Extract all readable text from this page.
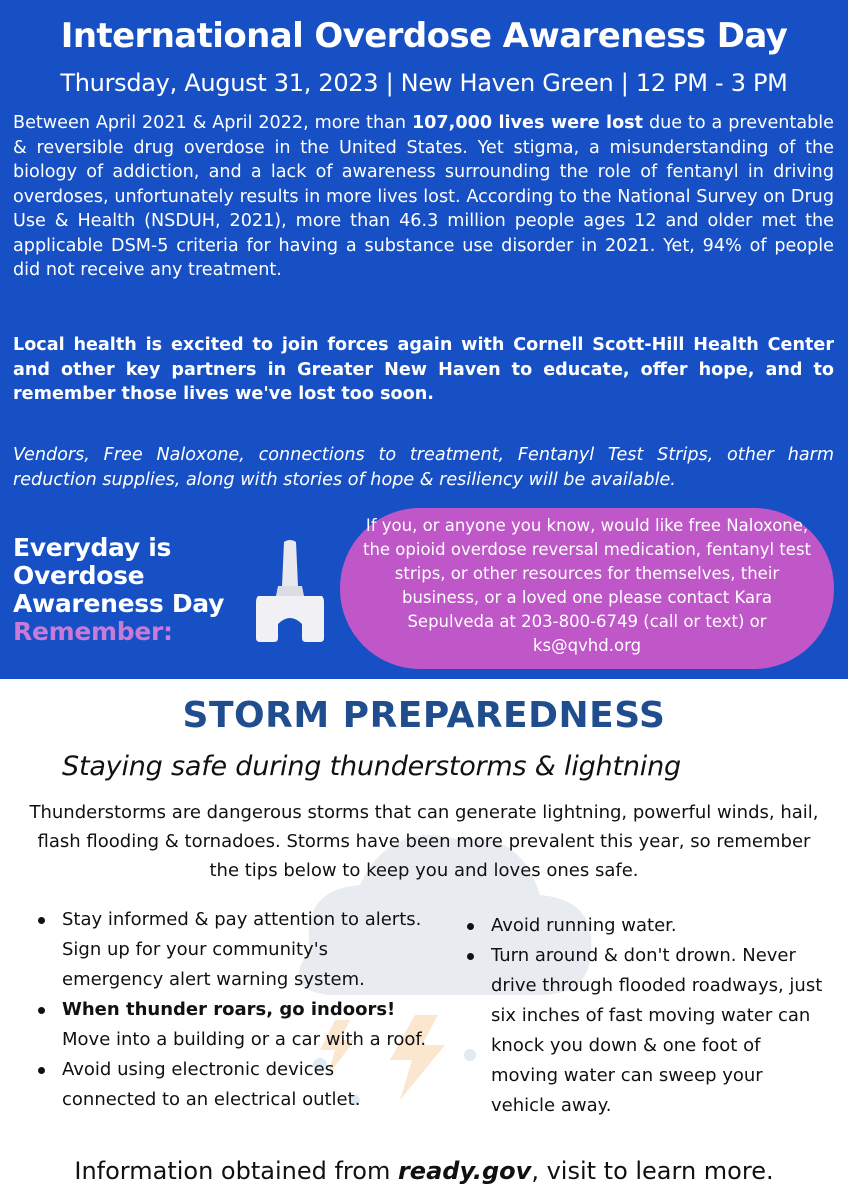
International Overdose Awareness Day
Thursday, August 31, 2023 | New Haven Green | 12 PM - 3 PM

Between April 2021 & April 2022, more than 107,000 lives were lost due to a preventable & reversible drug overdose in the United States. Yet stigma, a misunderstanding of the biology of addiction, and a lack of awareness surrounding the role of fentanyl in driving overdoses, unfortunately results in more lives lost. According to the National Survey on Drug Use & Health (NSDUH, 2021), more than 46.3 million people ages 12 and older met the applicable DSM-5 criteria for having a substance use disorder in 2021. Yet, 94% of people did not receive any treatment.

Local health is excited to join forces again with Cornell Scott-Hill Health Center and other key partners in Greater New Haven to educate, offer hope, and to remember those lives we've lost too soon.

Vendors, Free Naloxone, connections to treatment, Fentanyl Test Strips, other harm reduction supplies, along with stories of hope & resiliency will be available.

Everyday is
Overdose
Awareness Day
Remember:
If you, or anyone you know, would like free Naloxone, the opioid overdose reversal medication, fentanyl test strips, or other resources for themselves, their business, or a loved one please contact Kara Sepulveda at 203-800-6749 (call or text) or ks@qvhd.org
STORM PREPAREDNESS
Staying safe during thunderstorms & lightning

Thunderstorms are dangerous storms that can generate lightning, powerful winds, hail, flash flooding & tornadoes. Storms have been more prevalent this year, so remember the tips below to keep you and loves ones safe.

Stay informed & pay attention to alerts. Sign up for your community's emergency alert warning system.
When thunder roars, go indoors! Move into a building or a car with a roof.
Avoid using electronic devices connected to an electrical outlet.
Avoid running water.
Turn around & don't drown. Never drive through flooded roadways, just six inches of fast moving water can knock you down & one foot of moving water can sweep your vehicle away.

Information obtained from ready.gov, visit to learn more.
